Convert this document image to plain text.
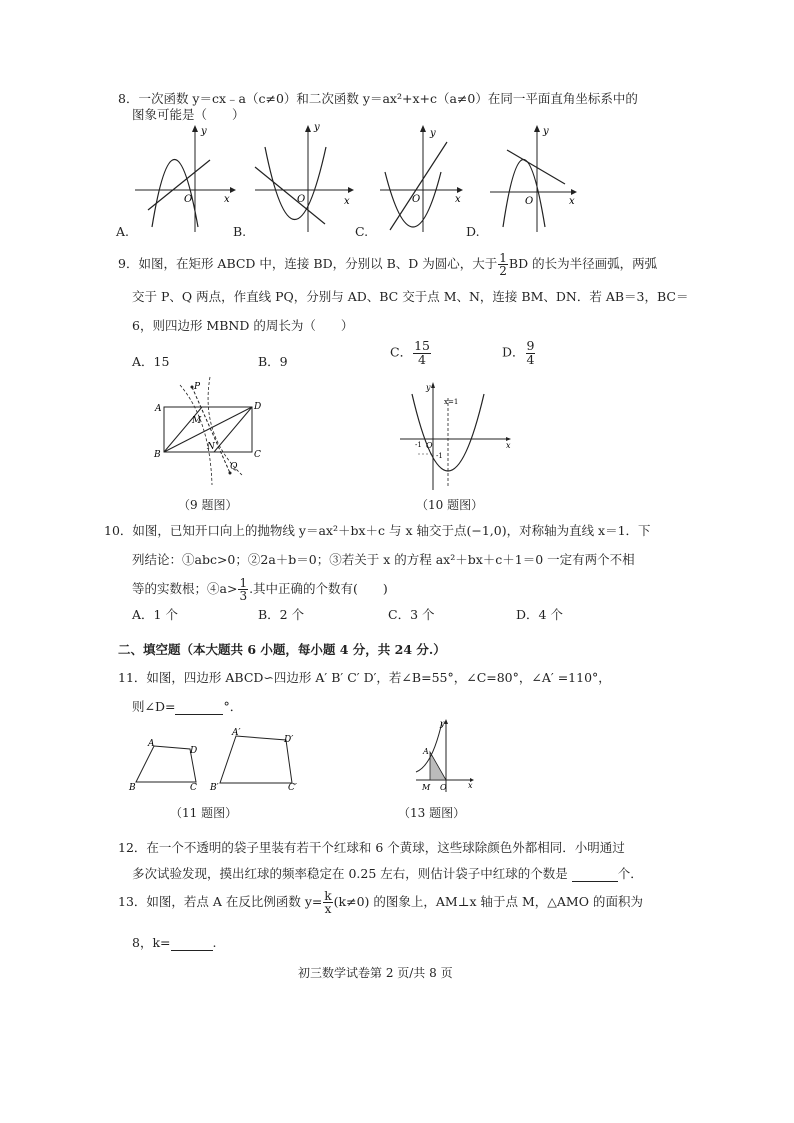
8．一次函数 y＝cx﹣a（c≠0）和二次函数 y＝ax²+x+c（a≠0）在同一平面直角坐标系中的
图象可能是（　　）
y
x
O
A.
y
x
O
B.
y
x
O
C.
y
x
O
D.
9．如图，在矩形 ABCD 中，连接 BD，分别以 B、D 为圆心，大于 $\frac{1}{2}$ BD 的长为半径画弧，两弧
交于 P、Q 两点，作直线 PQ，分别与 AD、BC 交于点 M、N，连接 BM、DN．若 AB＝3，BC＝
6，则四边形 MBND 的周长为（　　）
A．15	B．9
C． $\frac{15}{4}$	D． $\frac{9}{4}$
P
A	D
M
N
B	C
Q
（9 题图）
y
x
x=1
-1 O
-1
（10 题图）
10．如图，已知开口向上的抛物线 y＝ax²＋bx＋c 与 x 轴交于点(−1,0)，对称轴为直线 x＝1．下
列结论：①abc>0；②2a＋b＝0；③若关于 x 的方程 ax²＋bx＋c＋1＝0 一定有两个不相
等的实数根；④a> $\frac{1}{3}$ .其中正确的个数有(　　)
A．1 个	B．2 个	C．3 个	D．4 个
二、填空题（本大题共 6 小题，每小题 4 分，共 24 分.）
11．如图，四边形 ABCD∽四边形 A′ B′ C′ D′，若∠B=55°，∠C=80°，∠A′ =110°，
则∠D=	°．
A
D
B	C
A′
D′
B′	C′
（11 题图）
y
x
A
M O
（13 题图）
12．在一个不透明的袋子里装有若干个红球和 6 个黄球，这些球除颜色外都相同．小明通过
多次试验发现，摸出红球的频率稳定在 0.25 左右，则估计袋子中红球的个数是	个．
13．如图，若点 A 在反比例函数 $y= \frac{k}{x} (k\ne 0)$ 的图象上，AM⊥x 轴于点 M，△AMO 的面积为
8，k=	.
初三数学试卷第 2 页/共 8 页
